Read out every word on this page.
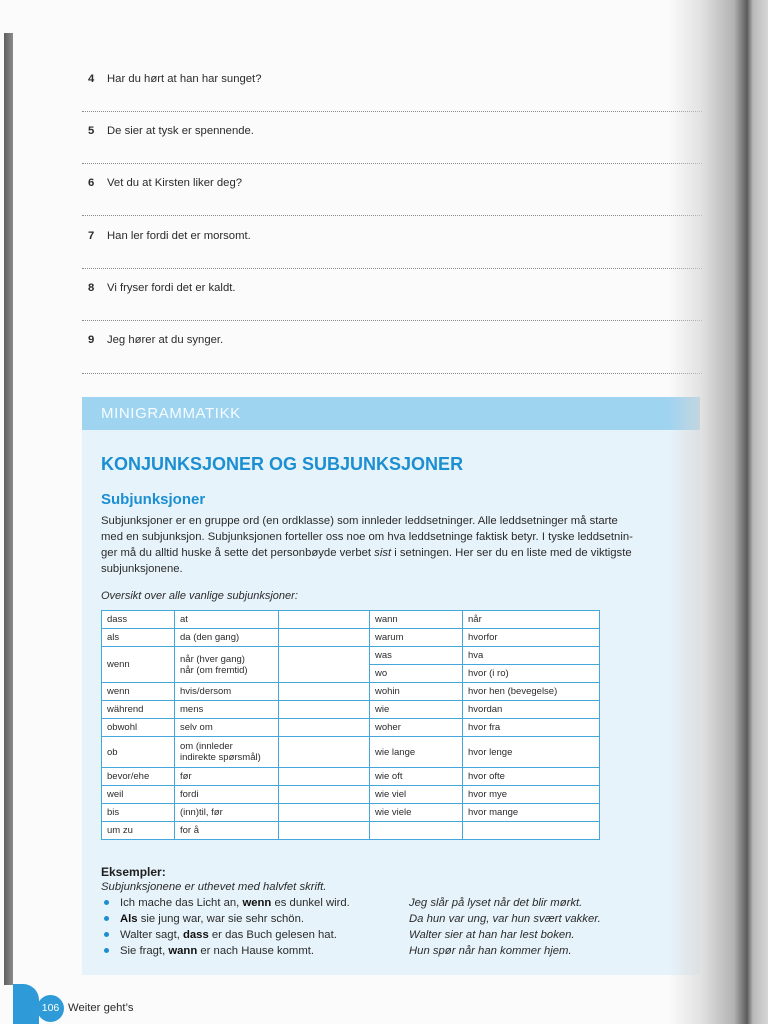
4 Har du hørt at han har sunget?
5 De sier at tysk er spennende.
6 Vet du at Kirsten liker deg?
7 Han ler fordi det er morsomt.
8 Vi fryser fordi det er kaldt.
9 Jeg hører at du synger.
MINIGRAMMATIKK
KONJUNKSJONER OG SUBJUNKSJONER
Subjunksjoner
Subjunksjoner er en gruppe ord (en ordklasse) som innleder leddsetninger. Alle leddsetninger må starte
med en subjunksjon. Subjunksjonen forteller oss noe om hva leddsetninge faktisk betyr. I tyske leddsetnin-
ger må du alltid huske å sette det personbøyde verbet sist i setningen. Her ser du en liste med de viktigste
subjunksjonene.
Oversikt over alle vanlige subjunksjoner:
dass	at		wann	når
als	da (den gang)		warum	hvorfor
wenn	når (hver gang)
når (om fremtid)		was	hva
			wo	hvor (i ro)
wenn	hvis/dersom		wohin	hvor hen (bevegelse)
während	mens		wie	hvordan
obwohl	selv om		woher	hvor fra
ob	om (innleder
indirekte spørsmål)		wie lange	hvor lenge
bevor/ehe	før		wie oft	hvor ofte
weil	fordi		wie viel	hvor mye
bis	(inn)til, før		wie viele	hvor mange
um zu	for å			

Eksempler:
Subjunksjonene er uthevet med halvfet skrift.
Ich mache das Licht an, wenn es dunkel wird.	Jeg slår på lyset når det blir mørkt.
Als sie jung war, war sie sehr schön.	Da hun var ung, var hun svært vakker.
Walter sagt, dass er das Buch gelesen hat.	Walter sier at han har lest boken.
Sie fragt, wann er nach Hause kommt.	Hun spør når han kommer hjem.
106 Weiter geht’s
